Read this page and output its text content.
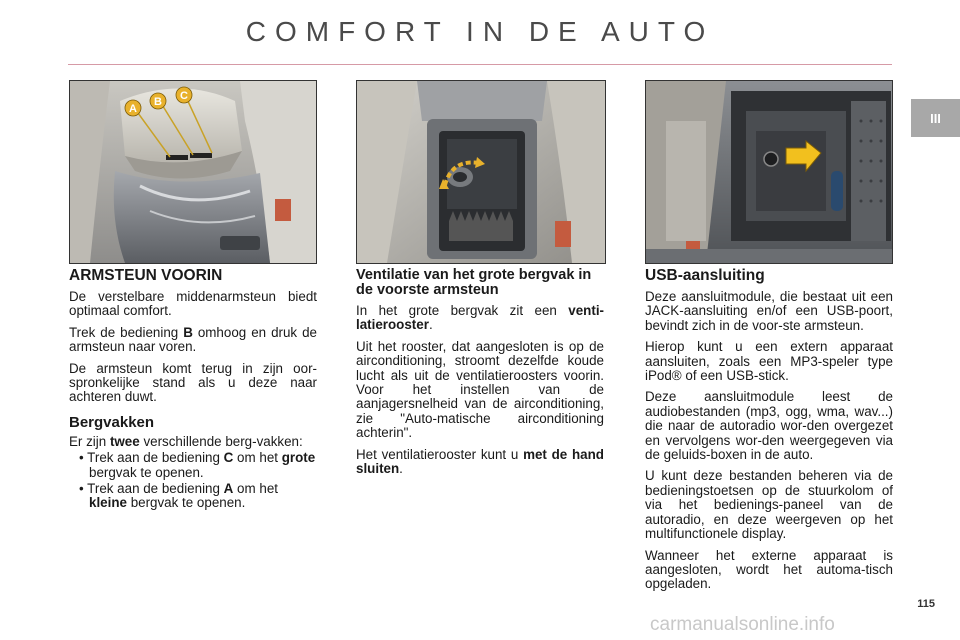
COMFORT IN DE AUTO
III
A
B C
ARMSTEUN VOORIN

De verstelbare middenarmsteun biedt optimaal comfort.

Trek de bediening B omhoog en druk de armsteun naar voren.

De armsteun komt terug in zijn oor-spronkelijke stand als u deze naar achteren duwt.

Bergvakken

Er zijn twee verschillende berg-vakken:

• Trek aan de bediening C om het grote bergvak te openen.
• Trek aan de bediening A om het kleine bergvak te openen.
Ventilatie van het grote bergvak in de voorste armsteun

In het grote bergvak zit een venti-latierooster.

Uit het rooster, dat aangesloten is op de airconditioning, stroomt dezelfde koude lucht als uit de ventilatieroosters voorin. Voor het instellen van de aanjagersnelheid van de airconditioning, zie "Auto-matische airconditioning achterin".

Het ventilatierooster kunt u met de hand sluiten.

USB-aansluiting

Deze aansluitmodule, die bestaat uit een JACK-aansluiting en/of een USB-poort, bevindt zich in de voor-ste armsteun.

Hierop kunt u een extern apparaat aansluiten, zoals een MP3-speler type iPod® of een USB-stick.

Deze aansluitmodule leest de audiobestanden (mp3, ogg, wma, wav...) die naar de autoradio wor-den overgezet en vervolgens wor-den weergegeven via de geluids-boxen in de auto.

U kunt deze bestanden beheren via de bedieningstoetsen op de stuurkolom of via het bedienings-paneel van de autoradio, en deze weergeven op het multifunctionele display.

Wanneer het externe apparaat is aangesloten, wordt het automa-tisch opgeladen.

115
carmanualsonline.info
